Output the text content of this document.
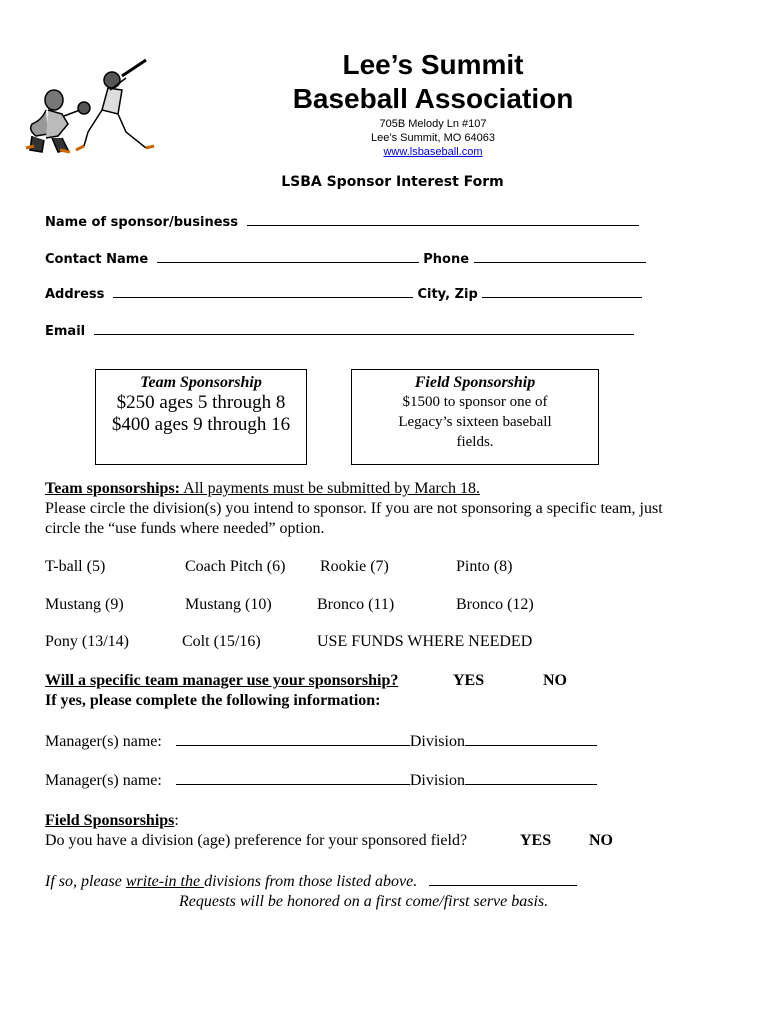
Lee’s Summit
Baseball Association
705B Melody Ln #107
Lee’s Summit, MO 64063
www.lsbaseball.com
LSBA Sponsor Interest Form
Name of sponsor/business
Contact Name	Phone
Address	City, Zip
Email
Team Sponsorship
$250 ages 5 through 8
$400 ages 9 through 16
Field Sponsorship
$1500 to sponsor one of
Legacy’s sixteen baseball
fields.
Team sponsorships: All payments must be submitted by March 18.
Please circle the division(s) you intend to sponsor. If you are not sponsoring a specific team, just
circle the “use funds where needed” option.
T-ball (5)	Coach Pitch (6) Rookie (7)	Pinto (8)
Mustang (9)	Mustang (10)	Bronco (11)	Bronco (12)
Pony (13/14)	Colt (15/16)	USE FUNDS WHERE NEEDED
Will a specific team manager use your sponsorship?	YES	NO
If yes, please complete the following information:
Manager(s) name:	Division
Manager(s) name:	Division
Field Sponsorships:
Do you have a division (age) preference for your sponsored field?	YES NO
If so, please write-in the divisions from those listed above.
Requests will be honored on a first come/first serve basis.
